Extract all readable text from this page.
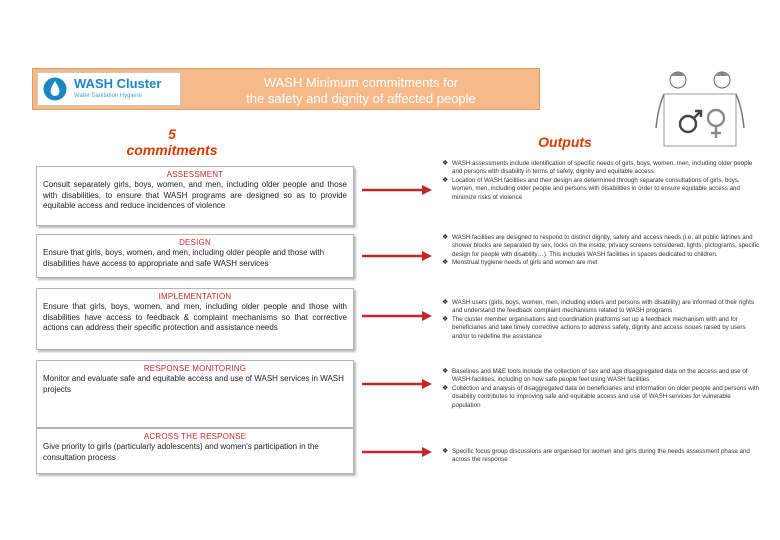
WASH Cluster
Water Sanitation Hygiene
WASH Minimum commitments for
the safety and dignity of affected people
5
commitments	Outputs
ASSESSMENT
Consult separately girls, boys, women, and men, including older people and those with disabilities, to ensure that WASH programs are designed so as to provide equitable access and reduce incidences of violence
DESIGN
Ensure that girls, boys, women, and men, including older people and those with disabilities have access to appropriate and safe WASH services
IMPLEMENTATION
Ensure that girls, boys, women, and men, including older people and those with disabilities have access to feedback & complaint mechanisms so that corrective actions can address their specific protection and assistance needs
RESPONSE MONITORING
Monitor and evaluate safe and equitable access and use of WASH services in WASH projects
ACROSS THE RESPONSE
Give priority to girls (particularly adolescents) and women's participation in the consultation process
❖ WASH assessments include identification of specific needs of girls, boys, women, men, including older people and persons with disability in terms of safety, dignity and equitable access
❖ Location of WASH facilities and their design are determined through separate consultations of girls, boys, women, men, including older people and persons with disabilities in order to ensure equitable access and minimize risks of violence
❖ WASH facilities are designed to respond to distinct dignity, safety and access needs (i.e. all public latrines and shower blocks are separated by sex, locks on the inside, privacy screens considered, lights, pictograms, specific design for people with disability…). This includes WASH facilities in spaces dedicated to children.
❖ Menstrual hygiene needs of girls and women are met
❖ WASH users (girls, boys, women, men, including elders and persons with disability) are informed of their rights and understand the feedback complaint mechanisms related to WASH programs
❖ The cluster member organisations and coordination platforms set up a feedback mechanism with and for beneficiaries and take timely corrective actions to address safety, dignity and access issues raised by users and/or to redefine the assistance
❖ Baselines and M&E tools include the collection of sex and age disaggregated data on the access and use of WASH facilities, including on how safe people feel using WASH facilities
❖ Collection and analysis of disaggregated data on beneficiaries and information on older people and persons with disability contributes to improving safe and equitable access and use of WASH services for vulnerable population
❖ Specific focus group discussions are organised for women and girls during the needs assessment phase and across the response
